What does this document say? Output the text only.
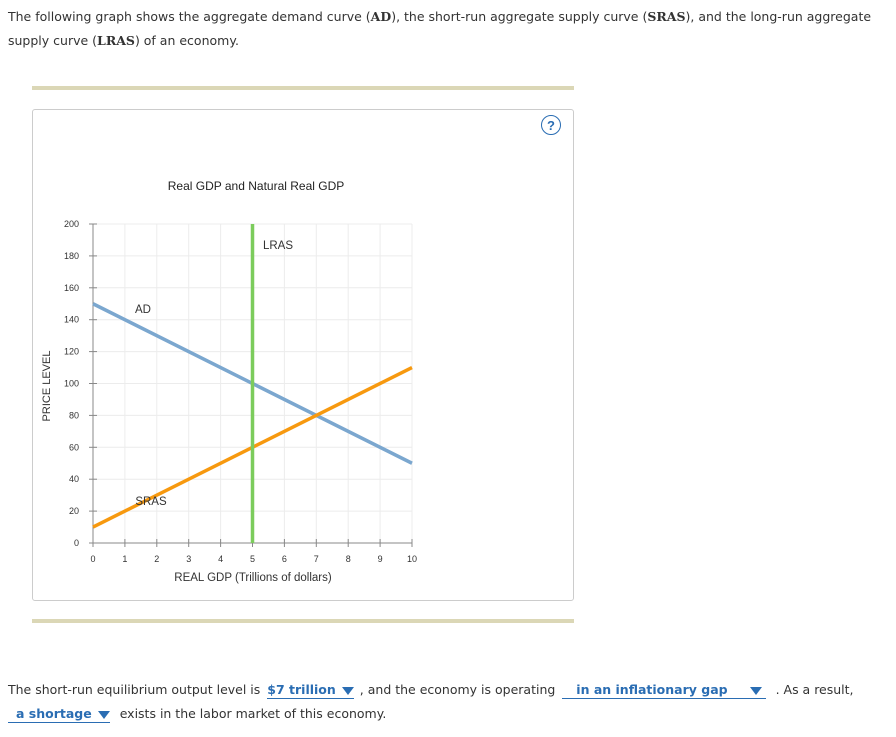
The following graph shows the aggregate demand curve (AD), the short-run aggregate supply curve (SRAS), and the long-run aggregate supply curve (LRAS) of an economy.
?
Real GDP and Natural Real GDP
0	1	2	3	4	5	6	7	8	9	10
0
20
40
60
80
100
120
140
160
180
200
AD
SRAS
LRAS
REAL GDP (Trillions of dollars)
PRICE LEVEL
The short-run equilibrium output level is $7 trillion , and the economy is operating in an inflationary gap	. As a result,
a shortage exists in the labor market of this economy.
